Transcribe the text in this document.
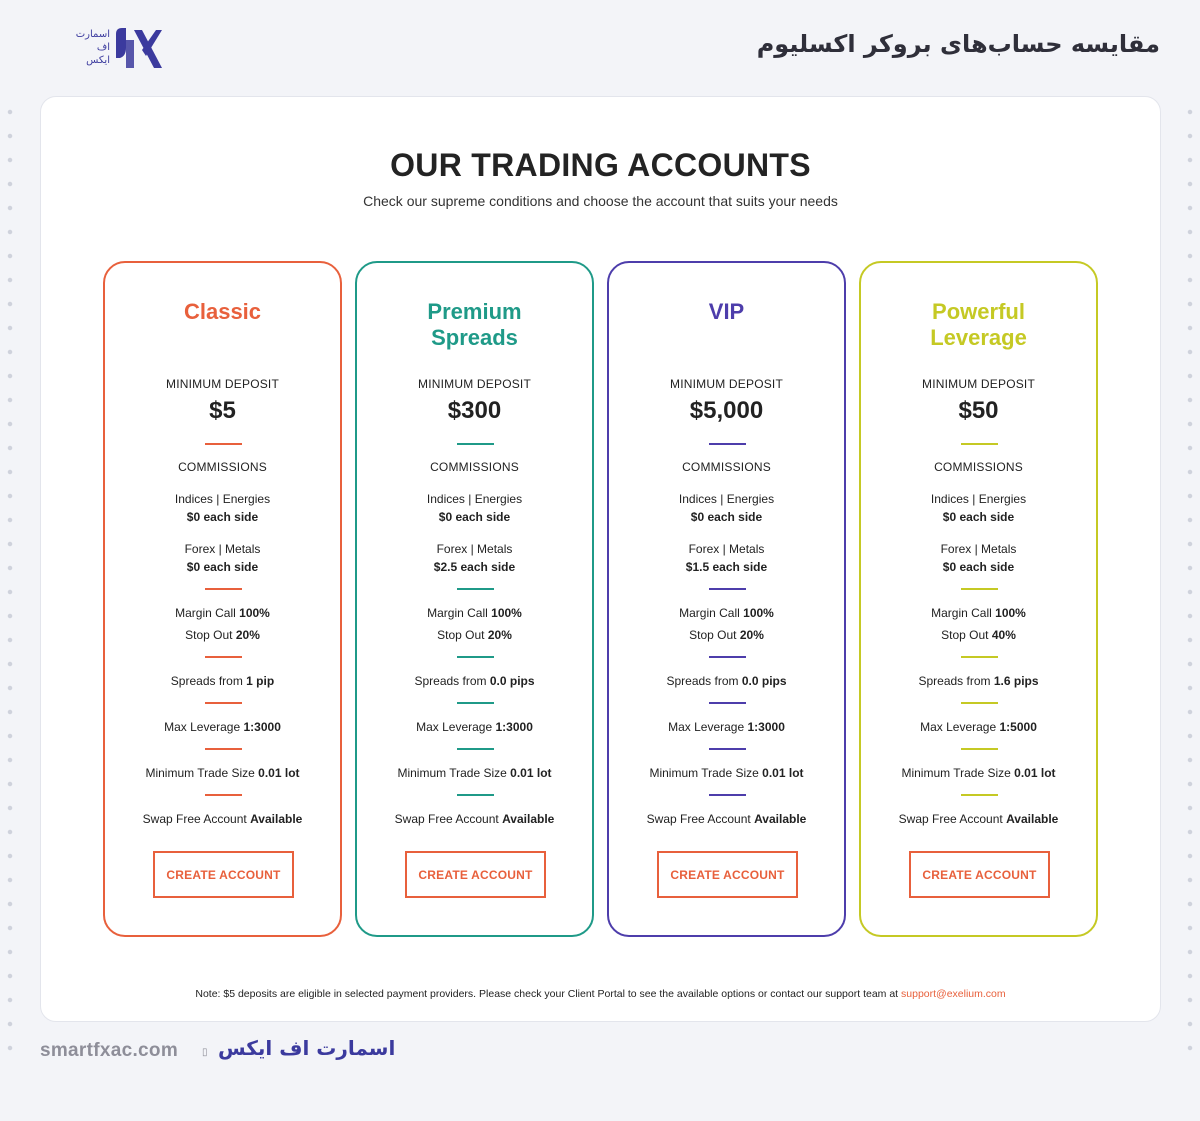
اسمارت
اف
ایکس
مقایسه حساب‌های بروکر اکسلیوم
OUR TRADING ACCOUNTS
Check our supreme conditions and choose the account that suits your needs
Classic
MINIMUM DEPOSIT
$5
COMMISSIONS
Indices | Energies
$0 each side
Forex | Metals
$0 each side
Margin Call 100%
Stop Out 20%
Spreads from 1 pip
Max Leverage 1:3000
Minimum Trade Size 0.01 lot
Swap Free Account Available
CREATE ACCOUNT
Premium Spreads
MINIMUM DEPOSIT
$300
COMMISSIONS
Indices | Energies
$0 each side
Forex | Metals
$2.5 each side
Margin Call 100%
Stop Out 20%
Spreads from 0.0 pips
Max Leverage 1:3000
Minimum Trade Size 0.01 lot
Swap Free Account Available
CREATE ACCOUNT
VIP
MINIMUM DEPOSIT
$5,000
COMMISSIONS
Indices | Energies
$0 each side
Forex | Metals
$1.5 each side
Margin Call 100%
Stop Out 20%
Spreads from 0.0 pips
Max Leverage 1:3000
Minimum Trade Size 0.01 lot
Swap Free Account Available
CREATE ACCOUNT
Powerful Leverage
MINIMUM DEPOSIT
$50
COMMISSIONS
Indices | Energies
$0 each side
Forex | Metals
$0 each side
Margin Call 100%
Stop Out 40%
Spreads from 1.6 pips
Max Leverage 1:5000
Minimum Trade Size 0.01 lot
Swap Free Account Available
CREATE ACCOUNT
Note: $5 deposits are eligible in selected payment providers. Please check your Client Portal to see the available options or contact our support team at support@exelium.com
smartfxac.com ▯ اسمارت اف ایکس
